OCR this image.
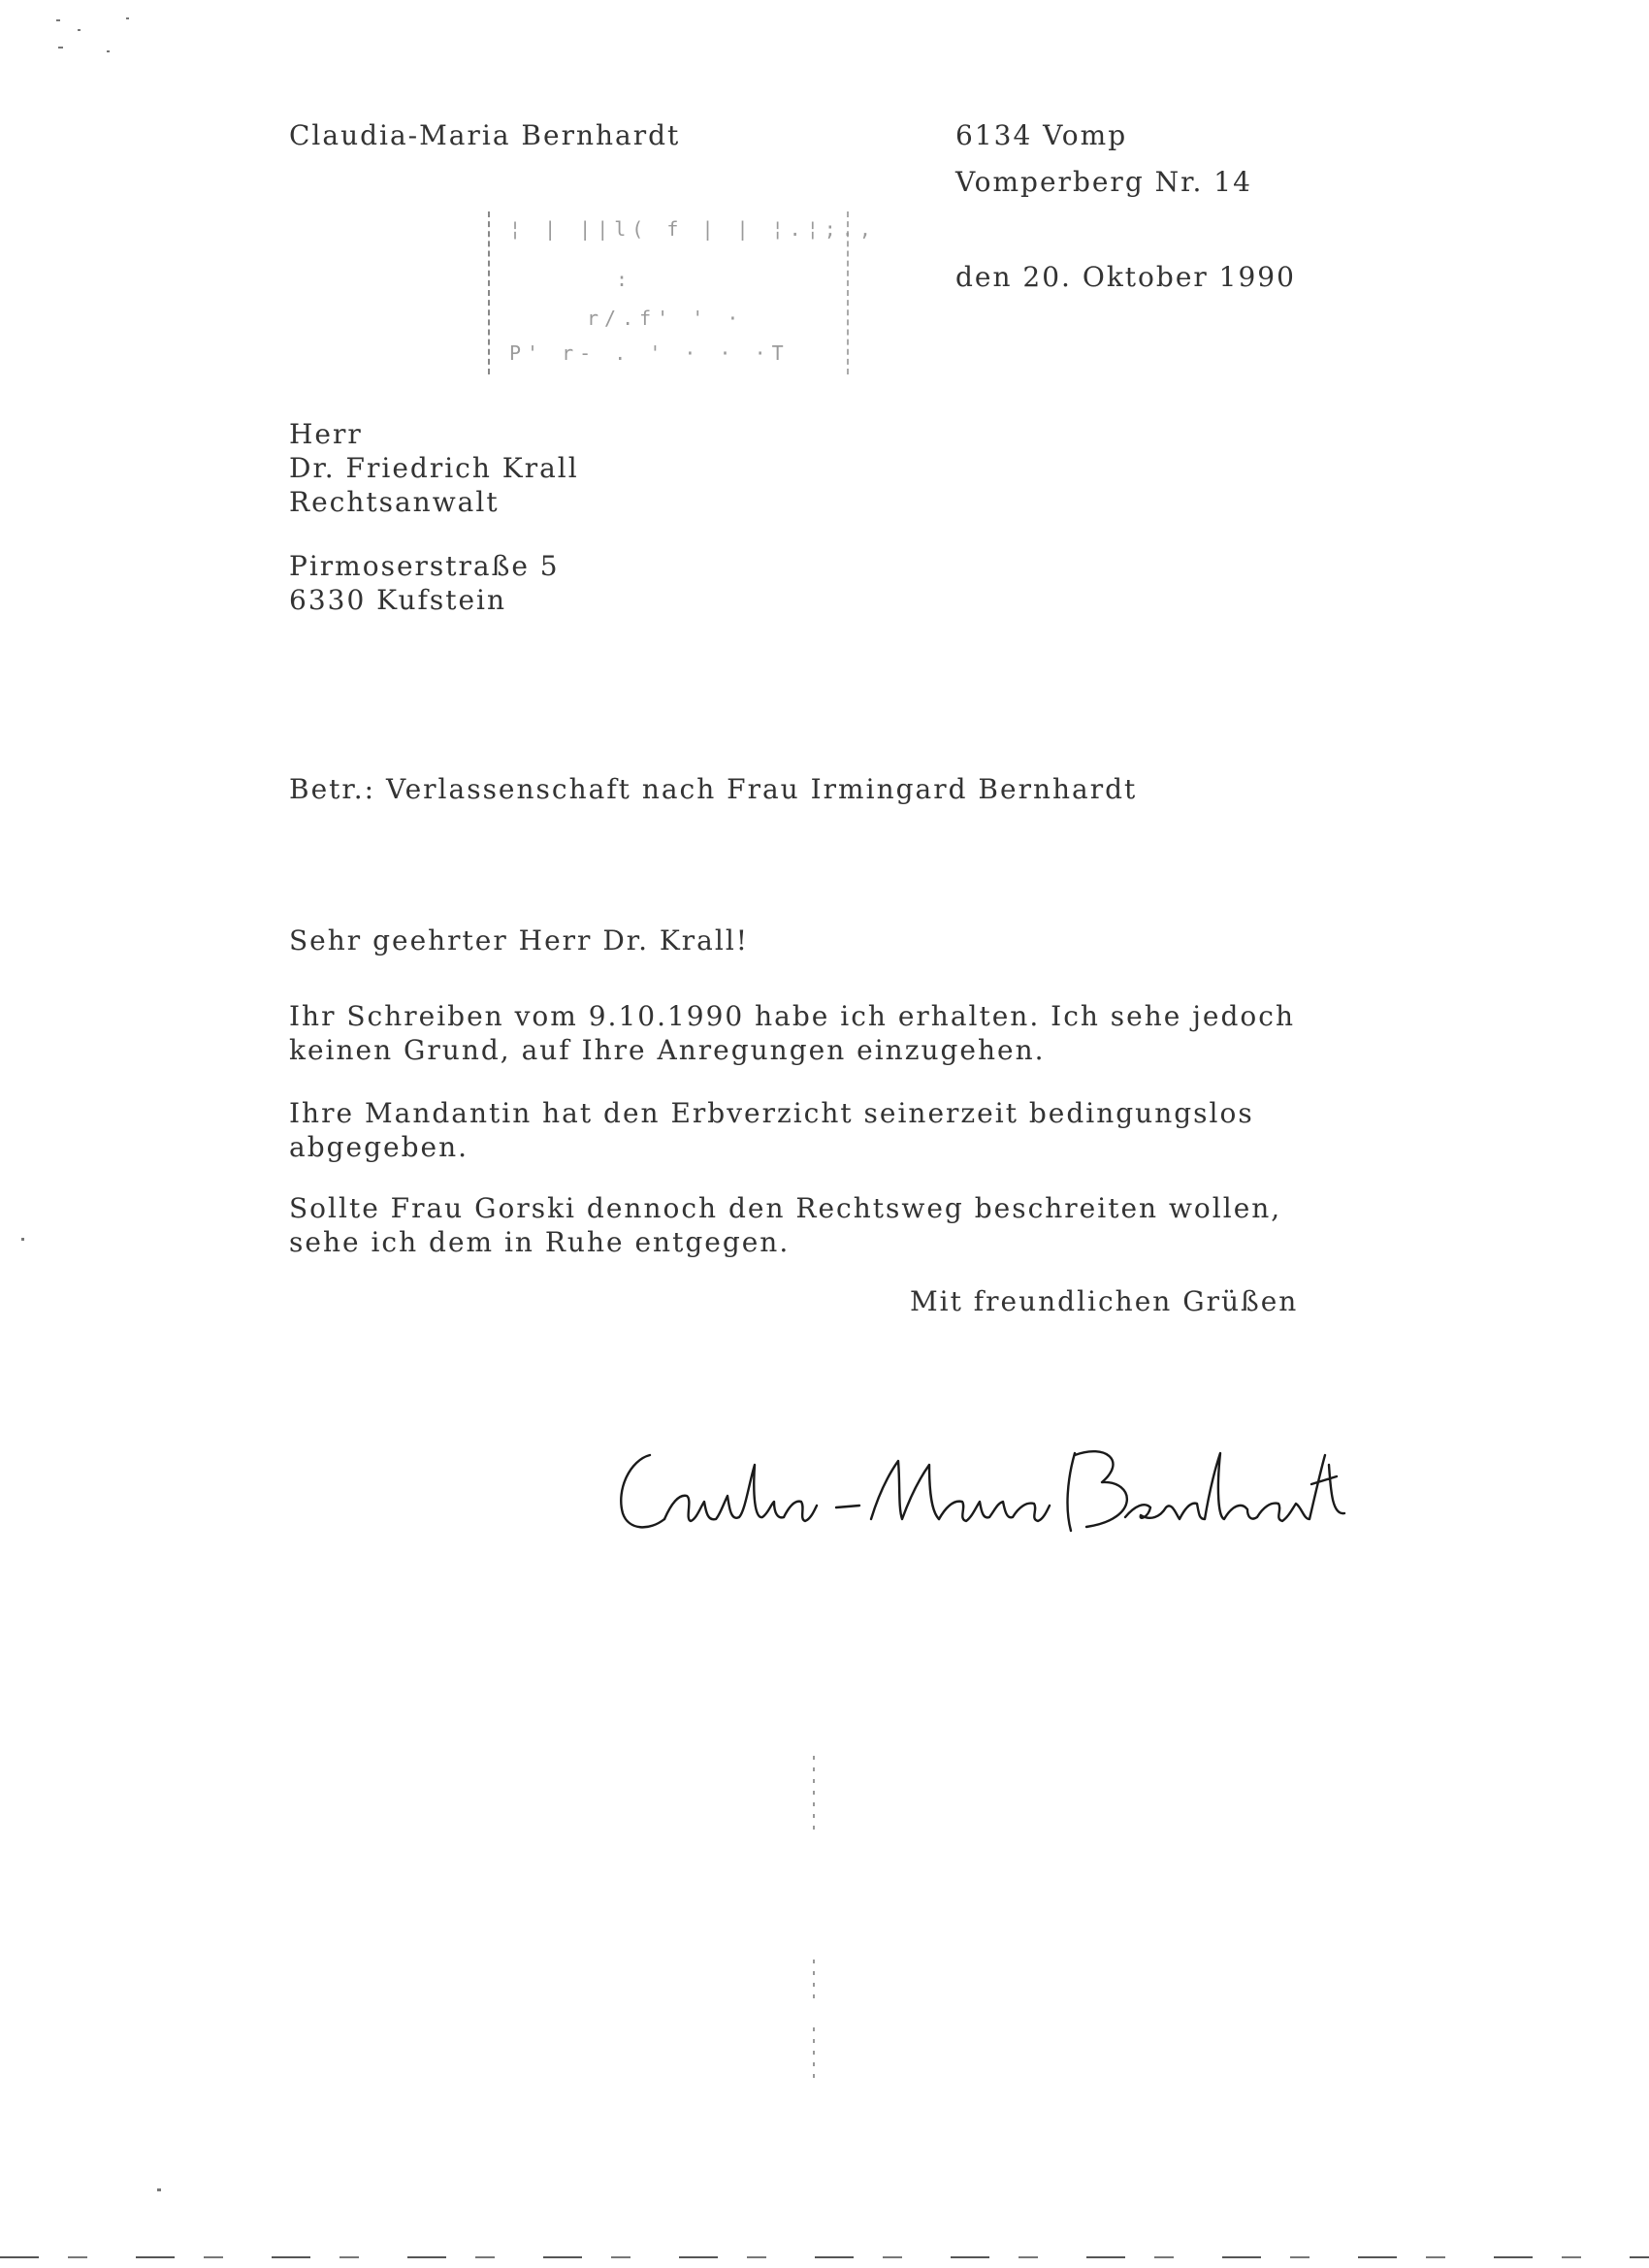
Claudia-Maria Bernhardt	6134 Vomp
Vomperberg Nr. 14
den 20. Oktober 1990
¦ | ||l( f | | ¦.¦;.,
:
r/.f' ' ·
P' r- . ' · · ·T
Herr
Dr. Friedrich Krall
Rechtsanwalt
Pirmoserstraße 5
6330 Kufstein
Betr.: Verlassenschaft nach Frau Irmingard Bernhardt
Sehr geehrter Herr Dr. Krall!
Ihr Schreiben vom 9.10.1990 habe ich erhalten. Ich sehe jedoch
keinen Grund, auf Ihre Anregungen einzugehen.
Ihre Mandantin hat den Erbverzicht seinerzeit bedingungslos
abgegeben.
Sollte Frau Gorski dennoch den Rechtsweg beschreiten wollen,
sehe ich dem in Ruhe entgegen.
Mit freundlichen Grüßen
